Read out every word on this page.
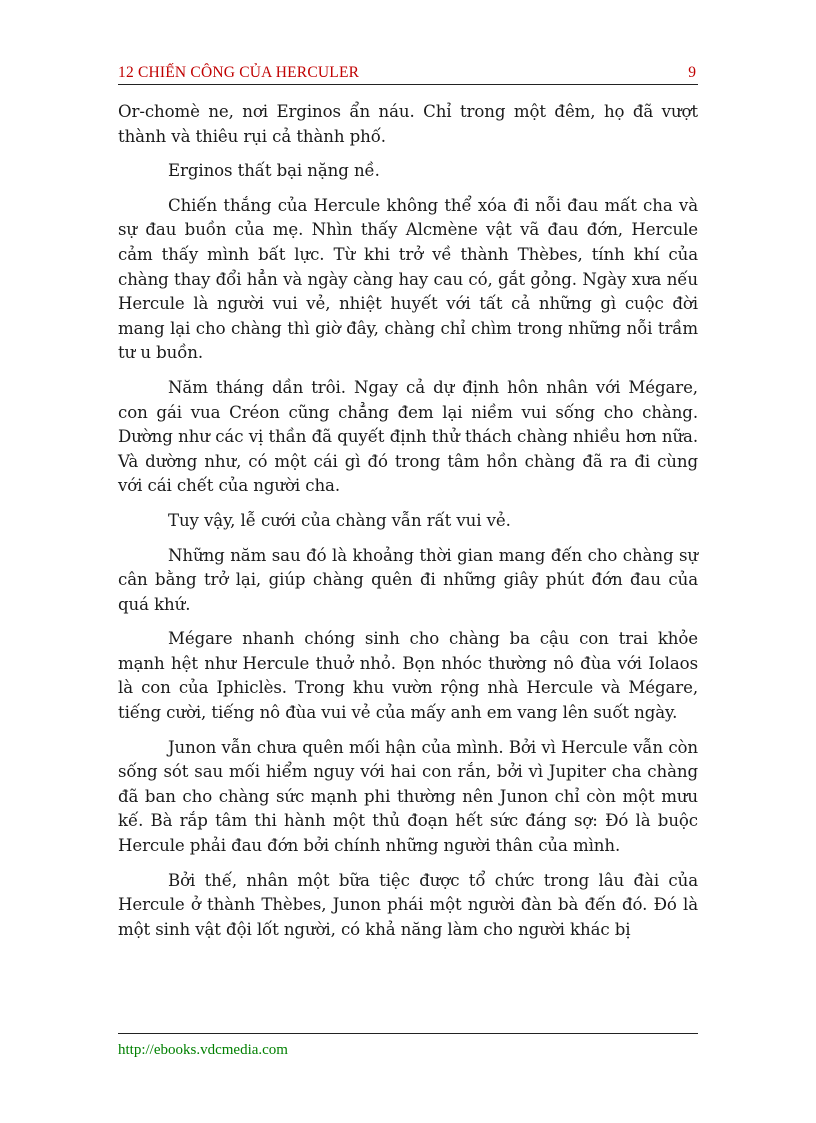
12 CHIẾN CÔNG CỦA HERCULER	9

Or-chomè ne, nơi Erginos ẩn náu. Chỉ trong một đêm, họ đã vượt thành và thiêu rụi cả thành phố.

Erginos thất bại nặng nề.

Chiến thắng của Hercule không thể xóa đi nỗi đau mất cha và sự đau buồn của mẹ. Nhìn thấy Alcmène vật vã đau đớn, Hercule cảm thấy mình bất lực. Từ khi trở về thành Thèbes, tính khí của chàng thay đổi hẳn và ngày càng hay cau có, gắt gỏng. Ngày xưa nếu Hercule là người vui vẻ, nhiệt huyết với tất cả những gì cuộc đời mang lại cho chàng thì giờ đây, chàng chỉ chìm trong những nỗi trầm tư u buồn.

Năm tháng dần trôi. Ngay cả dự định hôn nhân với Mégare, con gái vua Créon cũng chẳng đem lại niềm vui sống cho chàng. Dường như các vị thần đã quyết định thử thách chàng nhiều hơn nữa. Và dường như, có một cái gì đó trong tâm hồn chàng đã ra đi cùng với cái chết của người cha.

Tuy vậy, lễ cưới của chàng vẫn rất vui vẻ.

Những năm sau đó là khoảng thời gian mang đến cho chàng sự cân bằng trở lại, giúp chàng quên đi những giây phút đớn đau của quá khứ.

Mégare nhanh chóng sinh cho chàng ba cậu con trai khỏe mạnh hệt như Hercule thuở nhỏ. Bọn nhóc thường nô đùa với Iolaos là con của Iphiclès. Trong khu vườn rộng nhà Hercule và Mégare, tiếng cười, tiếng nô đùa vui vẻ của mấy anh em vang lên suốt ngày.

Junon vẫn chưa quên mối hận của mình. Bởi vì Hercule vẫn còn sống sót sau mối hiểm nguy với hai con rắn, bởi vì Jupiter cha chàng đã ban cho chàng sức mạnh phi thường nên Junon chỉ còn một mưu kế. Bà rắp tâm thi hành một thủ đoạn hết sức đáng sợ: Đó là buộc Hercule phải đau đớn bởi chính những người thân của mình.

Bởi thế, nhân một bữa tiệc được tổ chức trong lâu đài của Hercule ở thành Thèbes, Junon phái một người đàn bà đến đó. Đó là một sinh vật đội lốt người, có khả năng làm cho người khác bị

http://ebooks.vdcmedia.com
